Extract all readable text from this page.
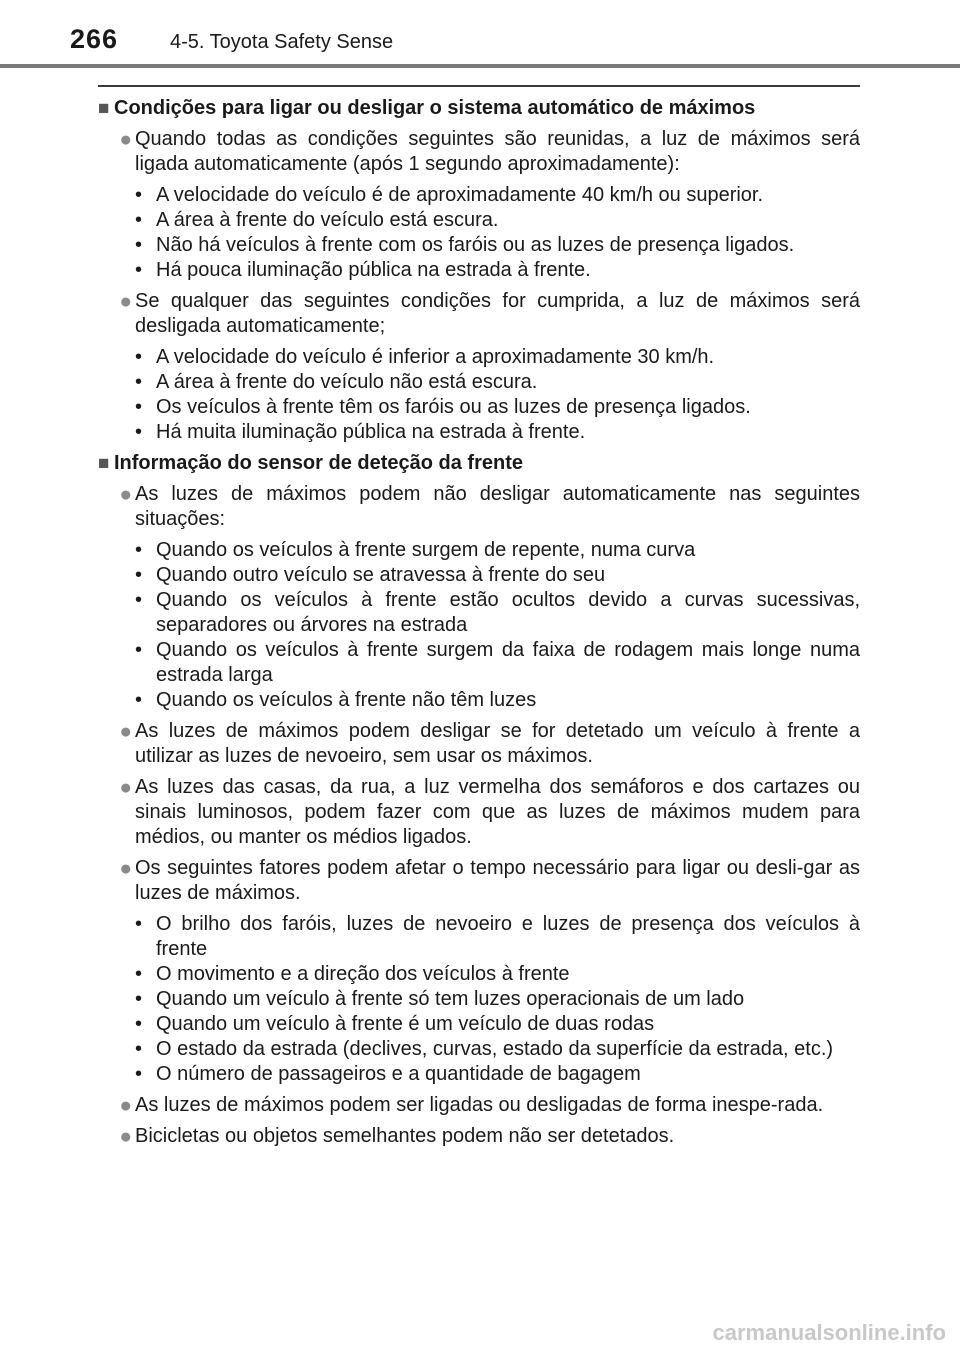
266	4-5. Toyota Safety Sense
■ Condições para ligar ou desligar o sistema automático de máximos
● Quando todas as condições seguintes são reunidas, a luz de máximos será ligada automaticamente (após 1 segundo aproximadamente):
• A velocidade do veículo é de aproximadamente 40 km/h ou superior.
• A área à frente do veículo está escura.
• Não há veículos à frente com os faróis ou as luzes de presença ligados.
• Há pouca iluminação pública na estrada à frente.
● Se qualquer das seguintes condições for cumprida, a luz de máximos será desligada automaticamente;
• A velocidade do veículo é inferior a aproximadamente 30 km/h.
• A área à frente do veículo não está escura.
• Os veículos à frente têm os faróis ou as luzes de presença ligados.
• Há muita iluminação pública na estrada à frente.
■ Informação do sensor de deteção da frente
● As luzes de máximos podem não desligar automaticamente nas seguintes situações:
• Quando os veículos à frente surgem de repente, numa curva
• Quando outro veículo se atravessa à frente do seu
• Quando os veículos à frente estão ocultos devido a curvas sucessivas, separadores ou árvores na estrada
• Quando os veículos à frente surgem da faixa de rodagem mais longe numa estrada larga
• Quando os veículos à frente não têm luzes
● As luzes de máximos podem desligar se for detetado um veículo à frente a utilizar as luzes de nevoeiro, sem usar os máximos.
● As luzes das casas, da rua, a luz vermelha dos semáforos e dos cartazes ou sinais luminosos, podem fazer com que as luzes de máximos mudem para médios, ou manter os médios ligados.
● Os seguintes fatores podem afetar o tempo necessário para ligar ou desli-gar as luzes de máximos.
• O brilho dos faróis, luzes de nevoeiro e luzes de presença dos veículos à frente
• O movimento e a direção dos veículos à frente
• Quando um veículo à frente só tem luzes operacionais de um lado
• Quando um veículo à frente é um veículo de duas rodas
• O estado da estrada (declives, curvas, estado da superfície da estrada, etc.)
• O número de passageiros e a quantidade de bagagem
● As luzes de máximos podem ser ligadas ou desligadas de forma inespe-rada.
● Bicicletas ou objetos semelhantes podem não ser detetados.
carmanualsonline.info
